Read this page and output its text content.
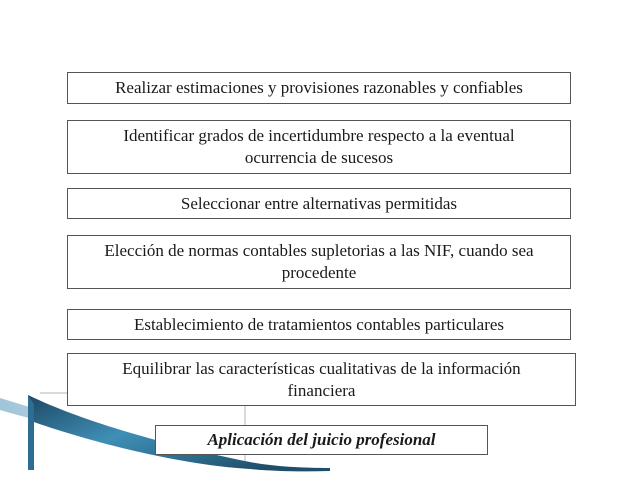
Realizar estimaciones y provisiones razonables y confiables
Identificar grados de incertidumbre respecto a la eventual ocurrencia de sucesos
Seleccionar entre alternativas permitidas
Elección de normas contables supletorias a las NIF, cuando sea procedente
Establecimiento de tratamientos contables particulares
Equilibrar las características cualitativas de la información financiera
Aplicación del juicio profesional
